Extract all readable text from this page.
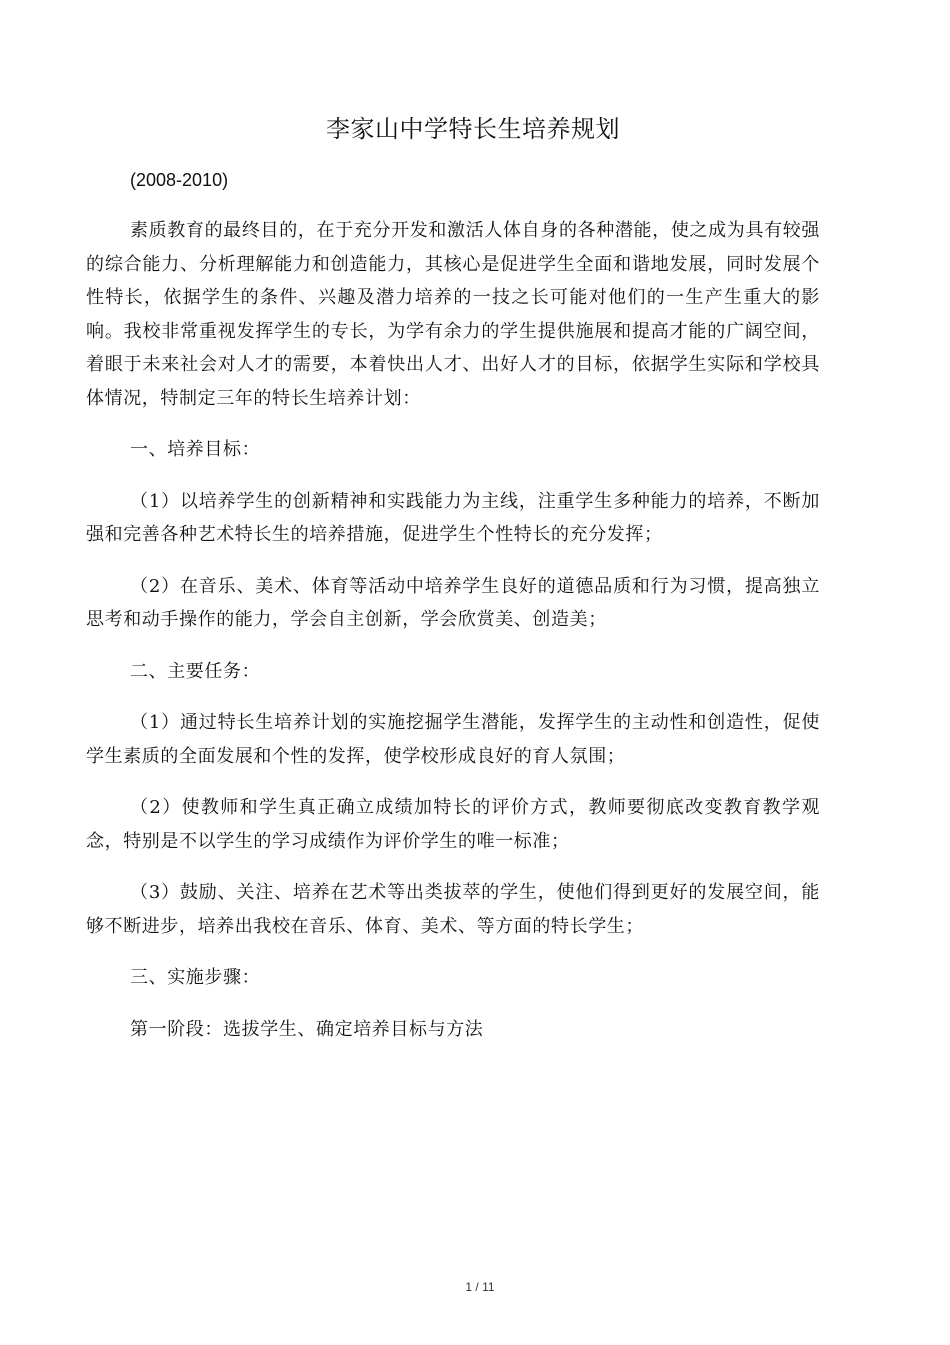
李家山中学特长生培养规划
(2008-2010)

素质教育的最终目的，在于充分开发和激活人体自身的各种潜能，使之成为具有较强的综合能力、分析理解能力和创造能力，其核心是促进学生全面和谐地发展，同时发展个性特长，依据学生的条件、兴趣及潜力培养的一技之长可能对他们的一生产生重大的影响。我校非常重视发挥学生的专长，为学有余力的学生提供施展和提高才能的广阔空间，着眼于未来社会对人才的需要，本着快出人才、出好人才的目标，依据学生实际和学校具体情况，特制定三年的特长生培养计划：

一、培养目标：

（1）以培养学生的创新精神和实践能力为主线，注重学生多种能力的培养，不断加强和完善各种艺术特长生的培养措施，促进学生个性特长的充分发挥；

（2）在音乐、美术、体育等活动中培养学生良好的道德品质和行为习惯，提高独立思考和动手操作的能力，学会自主创新，学会欣赏美、创造美；

二、主要任务：

（1）通过特长生培养计划的实施挖掘学生潜能，发挥学生的主动性和创造性，促使学生素质的全面发展和个性的发挥，使学校形成良好的育人氛围；

（2）使教师和学生真正确立成绩加特长的评价方式，教师要彻底改变教育教学观念，特别是不以学生的学习成绩作为评价学生的唯一标准；

（3）鼓励、关注、培养在艺术等出类拔萃的学生，使他们得到更好的发展空间，能够不断进步，培养出我校在音乐、体育、美术、等方面的特长学生；

三、实施步骤：

第一阶段：选拔学生、确定培养目标与方法

1 / 11
